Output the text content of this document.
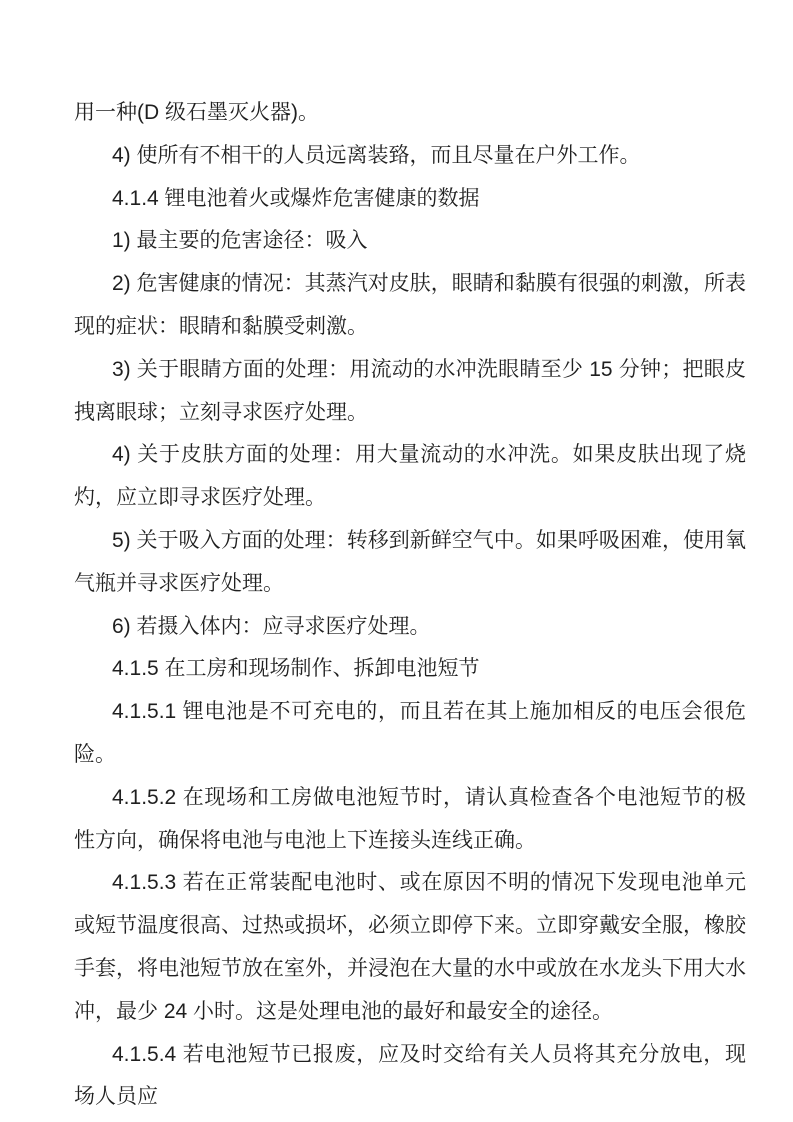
用一种(D 级石墨灭火器)。

4) 使所有不相干的人员远离装臵，而且尽量在户外工作。

4.1.4 锂电池着火或爆炸危害健康的数据

1) 最主要的危害途径：吸入

2) 危害健康的情况：其蒸汽对皮肤，眼睛和黏膜有很强的刺激，所表现的症状：眼睛和黏膜受刺激。

3) 关于眼睛方面的处理：用流动的水冲洗眼睛至少 15 分钟；把眼皮拽离眼球；立刻寻求医疗处理。

4) 关于皮肤方面的处理：用大量流动的水冲洗。如果皮肤出现了烧灼，应立即寻求医疗处理。

5) 关于吸入方面的处理：转移到新鲜空气中。如果呼吸困难，使用氧气瓶并寻求医疗处理。

6) 若摄入体内：应寻求医疗处理。

4.1.5 在工房和现场制作、拆卸电池短节

4.1.5.1 锂电池是不可充电的，而且若在其上施加相反的电压会很危险。

4.1.5.2 在现场和工房做电池短节时，请认真检查各个电池短节的极性方向，确保将电池与电池上下连接头连线正确。

4.1.5.3 若在正常装配电池时、或在原因不明的情况下发现电池单元或短节温度很高、过热或损坏，必须立即停下来。立即穿戴安全服，橡胶手套，将电池短节放在室外，并浸泡在大量的水中或放在水龙头下用大水冲，最少 24 小时。这是处理电池的最好和最安全的途径。

4.1.5.4 若电池短节已报废，应及时交给有关人员将其充分放电，现场人员应
